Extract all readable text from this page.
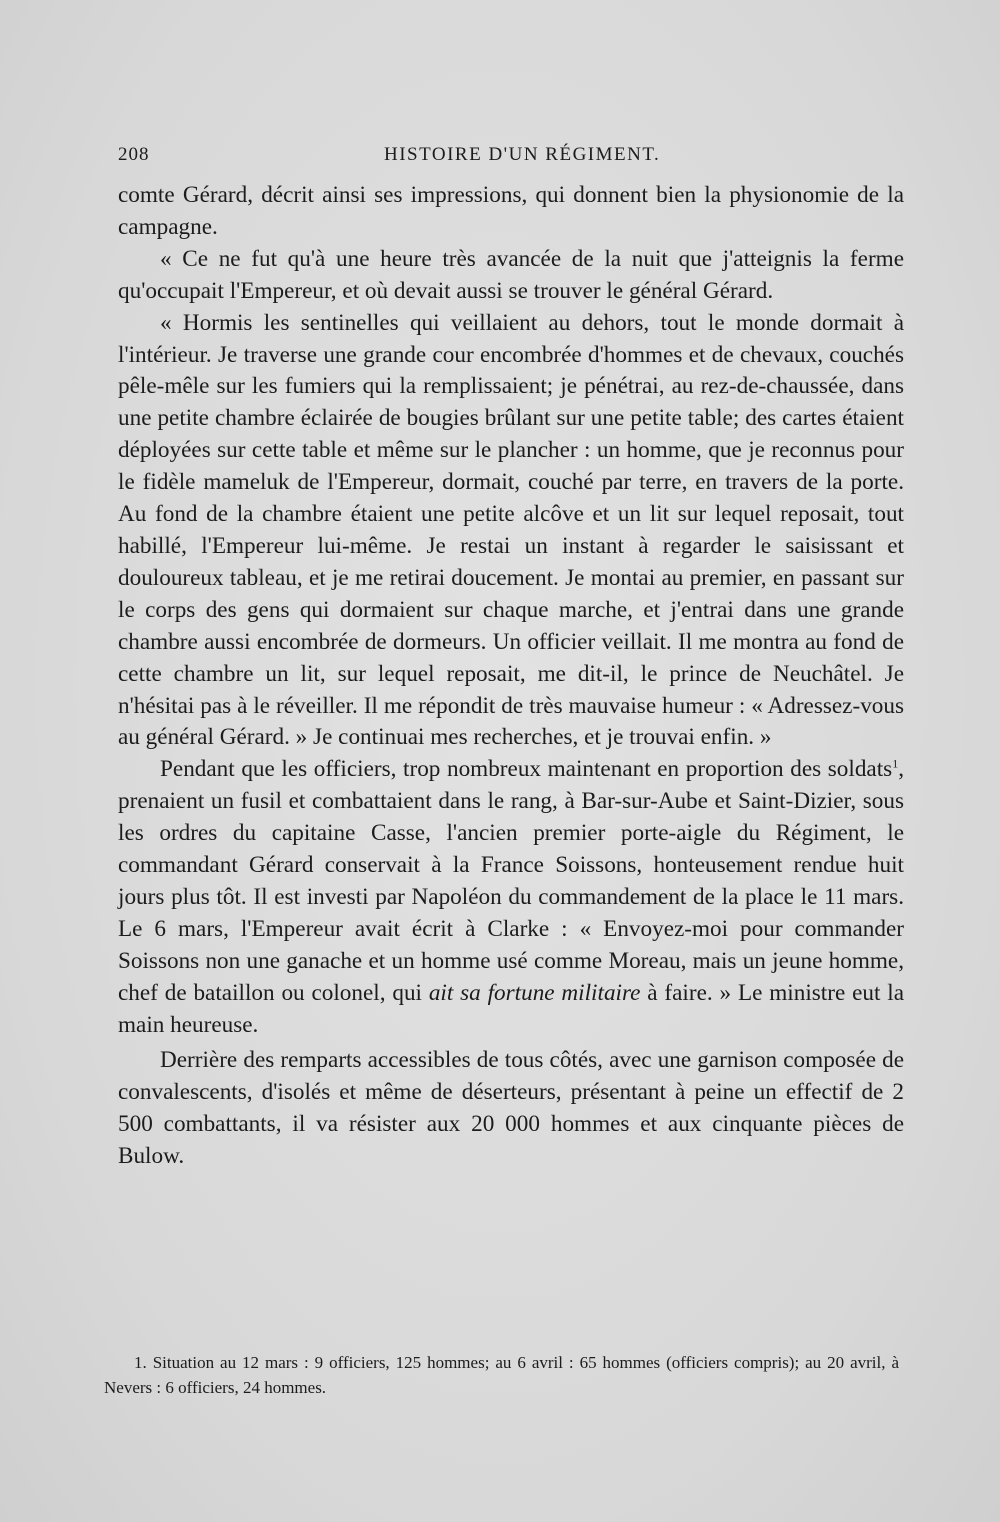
208	HISTOIRE D'UN RÉGIMENT.

comte Gérard, décrit ainsi ses impressions, qui donnent bien la physionomie de la campagne.

« Ce ne fut qu'à une heure très avancée de la nuit que j'atteignis la ferme qu'occupait l'Empereur, et où devait aussi se trouver le général Gérard.

« Hormis les sentinelles qui veillaient au dehors, tout le monde dormait à l'intérieur. Je traverse une grande cour encombrée d'hommes et de chevaux, couchés pêle-mêle sur les fumiers qui la remplissaient; je pénétrai, au rez-de-chaussée, dans une petite chambre éclairée de bougies brûlant sur une petite table; des cartes étaient déployées sur cette table et même sur le plancher : un homme, que je reconnus pour le fidèle mameluk de l'Empereur, dormait, couché par terre, en travers de la porte. Au fond de la chambre étaient une petite alcôve et un lit sur lequel reposait, tout habillé, l'Empereur lui-même. Je restai un instant à regarder le saisissant et douloureux tableau, et je me retirai doucement. Je montai au premier, en passant sur le corps des gens qui dormaient sur chaque marche, et j'entrai dans une grande chambre aussi encombrée de dormeurs. Un officier veillait. Il me montra au fond de cette chambre un lit, sur lequel reposait, me dit-il, le prince de Neuchâtel. Je n'hésitai pas à le réveiller. Il me répondit de très mauvaise humeur : « Adressez-vous au général Gérard. » Je continuai mes recherches, et je trouvai enfin. »

Pendant que les officiers, trop nombreux maintenant en proportion des soldats$^1$, prenaient un fusil et combattaient dans le rang, à Bar-sur-Aube et Saint-Dizier, sous les ordres du capitaine Casse, l'ancien premier porte-aigle du Régiment, le commandant Gérard conservait à la France Soissons, honteusement rendue huit jours plus tôt. Il est investi par Napoléon du commandement de la place le 11 mars. Le 6 mars, l'Empereur avait écrit à Clarke : « Envoyez-moi pour commander Soissons non une ganache et un homme usé comme Moreau, mais un jeune homme, chef de bataillon ou colonel, qui ait sa fortune militaire à faire. » Le ministre eut la main heureuse.

Derrière des remparts accessibles de tous côtés, avec une garnison composée de convalescents, d'isolés et même de déserteurs, présentant à peine un effectif de 2 500 combattants, il va résister aux 20 000 hommes et aux cinquante pièces de Bulow.

1. Situation au 12 mars : 9 officiers, 125 hommes; au 6 avril : 65 hommes (officiers compris); au 20 avril, à Nevers : 6 officiers, 24 hommes.
